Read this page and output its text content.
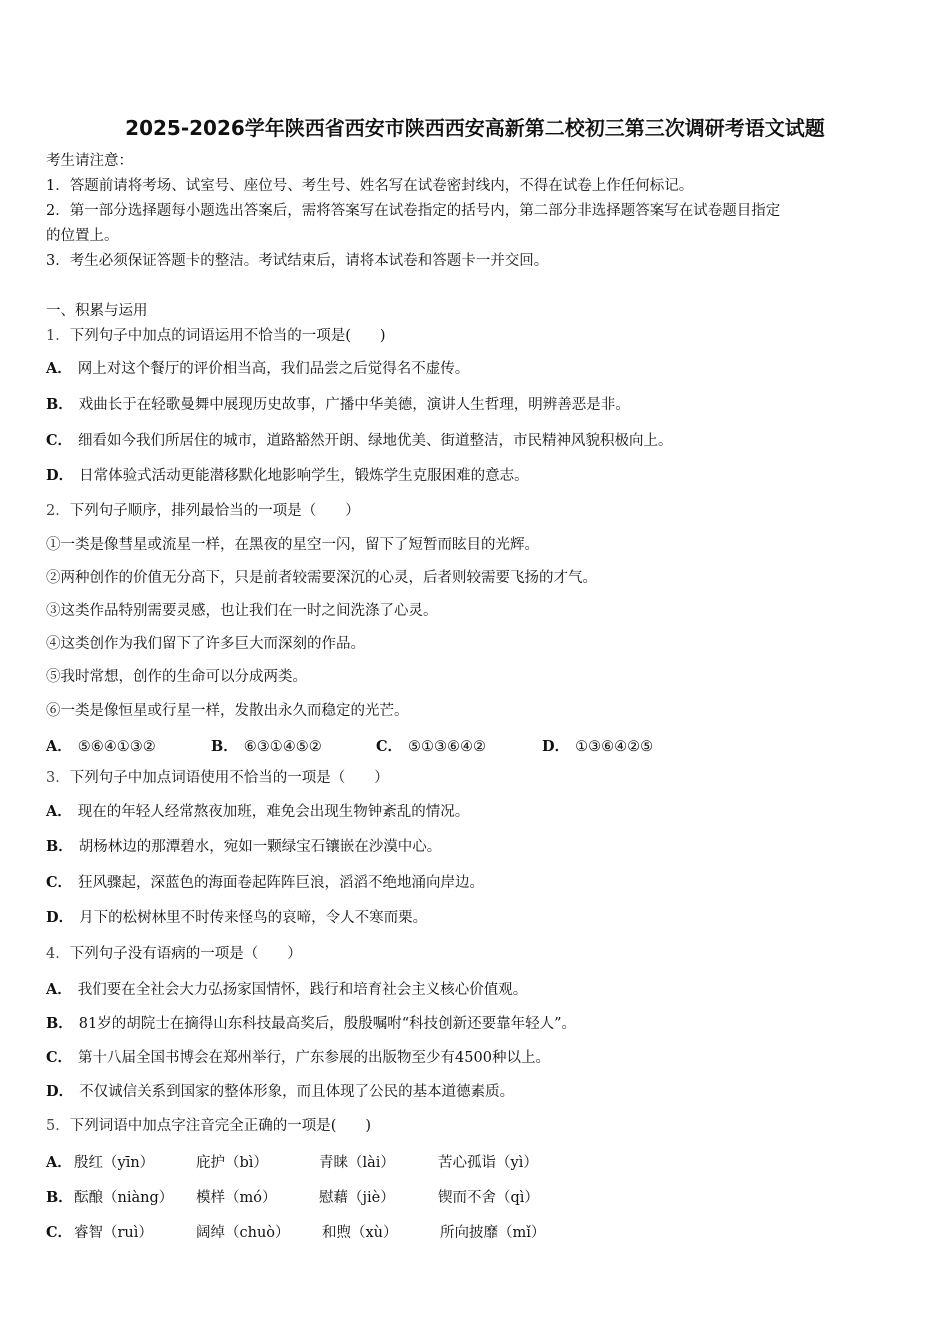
2025-2026学年陕西省西安市陕西西安高新第二校初三第三次调研考语文试题
考生请注意：
1．答题前请将考场、试室号、座位号、考生号、姓名写在试卷密封线内，不得在试卷上作任何标记。
2．第一部分选择题每小题选出答案后，需将答案写在试卷指定的括号内，第二部分非选择题答案写在试卷题目指定
的位置上。
3．考生必须保证答题卡的整洁。考试结束后，请将本试卷和答题卡一并交回。
一、积累与运用
1．下列句子中加点的词语运用不恰当的一项是(　　)
A． 网上对这个餐厅的评价相当高，我们品尝之后觉得名不虚传。
B． 戏曲长于在轻歌曼舞中展现历史故事，广播中华美德，演讲人生哲理，明辨善恶是非。
C． 细看如今我们所居住的城市，道路豁然开朗、绿地优美、街道整洁，市民精神风貌积极向上。
D． 日常体验式活动更能潜移默化地影响学生，锻炼学生克服困难的意志。
2．下列句子顺序，排列最恰当的一项是（　　）
①一类是像彗星或流星一样，在黑夜的星空一闪，留下了短暂而眩目的光辉。
②两种创作的价值无分高下，只是前者较需要深沉的心灵，后者则较需要飞扬的才气。
③这类作品特别需要灵感，也让我们在一时之间洗涤了心灵。
④这类创作为我们留下了许多巨大而深刻的作品。
⑤我时常想，创作的生命可以分成两类。
⑥一类是像恒星或行星一样，发散出永久而稳定的光芒。
A． ⑤⑥④①③②	B． ⑥③①④⑤②	C． ⑤①③⑥④②	D． ①③⑥④②⑤
3．下列句子中加点词语使用不恰当的一项是（　　）
A． 现在的年轻人经常熬夜加班，难免会出现生物钟紊乱的情况。
B． 胡杨林边的那潭碧水，宛如一颗绿宝石镶嵌在沙漠中心。
C． 狂风骤起，深蓝色的海面卷起阵阵巨浪，滔滔不绝地涌向岸边。
D． 月下的松树林里不时传来怪鸟的哀啼，令人不寒而栗。
4．下列句子没有语病的一项是（　　）
A． 我们要在全社会大力弘扬家国情怀，践行和培育社会主义核心价值观。
B． 81岁的胡院士在摘得山东科技最高奖后，殷殷嘱咐“科技创新还要靠年轻人”。
C． 第十八届全国书博会在郑州举行，广东参展的出版物至少有4500种以上。
D． 不仅诚信关系到国家的整体形象，而且体现了公民的基本道德素质。
5．下列词语中加点字注音完全正确的一项是(　　)
A． 殷红（yīn）	庇护（bì）	青睐（lài）	苦心孤诣（yì）
B． 酝酿（niàng） 模样（mó）	慰藉（jiè）	锲而不舍（qì）
C． 睿智（ruì）	阔绰（chuò） 和煦（xù）	所向披靡（mǐ）
